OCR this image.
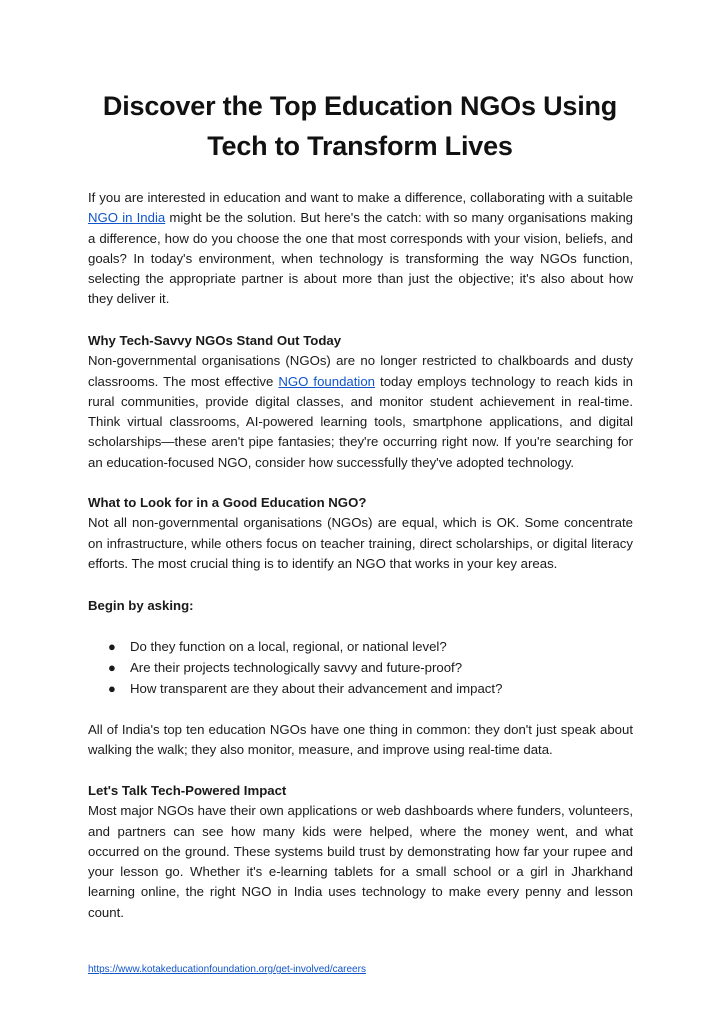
Discover the Top Education NGOs Using
Tech to Transform Lives
If you are interested in education and want to make a difference, collaborating with a suitable NGO in India might be the solution. But here's the catch: with so many organisations making a difference, how do you choose the one that most corresponds with your vision, beliefs, and goals? In today's environment, when technology is transforming the way NGOs function, selecting the appropriate partner is about more than just the objective; it's also about how they deliver it.
Why Tech-Savvy NGOs Stand Out Today
Non-governmental organisations (NGOs) are no longer restricted to chalkboards and dusty classrooms. The most effective NGO foundation today employs technology to reach kids in rural communities, provide digital classes, and monitor student achievement in real-time. Think virtual classrooms, AI-powered learning tools, smartphone applications, and digital scholarships—these aren't pipe fantasies; they're occurring right now. If you're searching for an education-focused NGO, consider how successfully they've adopted technology.
What to Look for in a Good Education NGO?
Not all non-governmental organisations (NGOs) are equal, which is OK. Some concentrate on infrastructure, while others focus on teacher training, direct scholarships, or digital literacy efforts. The most crucial thing is to identify an NGO that works in your key areas.
Begin by asking:
● Do they function on a local, regional, or national level?
● Are their projects technologically savvy and future-proof?
● How transparent are they about their advancement and impact?
All of India's top ten education NGOs have one thing in common: they don't just speak about walking the walk; they also monitor, measure, and improve using real-time data.
Let's Talk Tech-Powered Impact
Most major NGOs have their own applications or web dashboards where funders, volunteers, and partners can see how many kids were helped, where the money went, and what occurred on the ground. These systems build trust by demonstrating how far your rupee and your lesson go. Whether it's e-learning tablets for a small school or a girl in Jharkhand learning online, the right NGO in India uses technology to make every penny and lesson count.
https://www.kotakeducationfoundation.org/get-involved/careers
